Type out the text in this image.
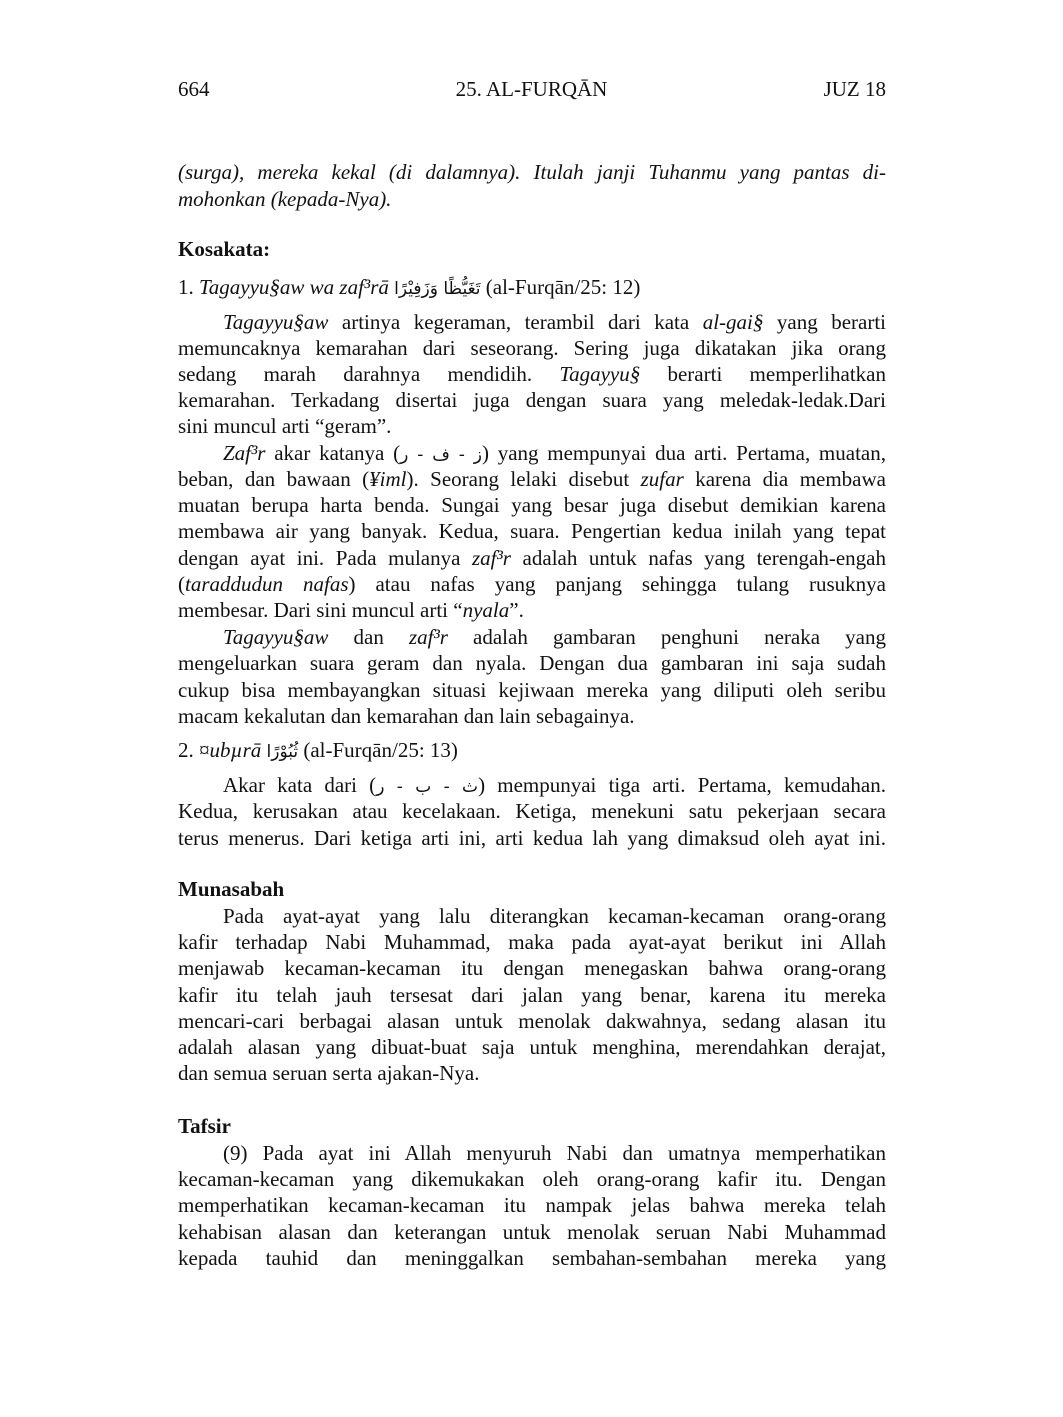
664	25. AL-FURQĀN	JUZ 18
(surga), mereka kekal (di dalamnya). Itulah janji Tuhanmu yang pantas di-
mohonkan (kepada-Nya).
Kosakata:
1. Tagayyu§aw wa zaf³rā تَغَيُّظًا وَزَفِيْرًا (al-Furqān/25: 12)
Tagayyu§aw artinya kegeraman, terambil dari kata al-gai§ yang berarti
memuncaknya kemarahan dari seseorang. Sering juga dikatakan jika orang
sedang marah darahnya mendidih. Tagayyu§ berarti memperlihatkan
kemarahan. Terkadang disertai juga dengan suara yang meledak-ledak.Dari
sini muncul arti “geram”.
Zaf³r akar katanya (ز - ف - ر) yang mempunyai dua arti. Pertama, muatan,
beban, dan bawaan (¥iml). Seorang lelaki disebut zufar karena dia membawa
muatan berupa harta benda. Sungai yang besar juga disebut demikian karena
membawa air yang banyak. Kedua, suara. Pengertian kedua inilah yang tepat
dengan ayat ini. Pada mulanya zaf³r adalah untuk nafas yang terengah-engah
(taraddudun nafas) atau nafas yang panjang sehingga tulang rusuknya
membesar. Dari sini muncul arti “nyala”.
Tagayyu§aw dan zaf³r adalah gambaran penghuni neraka yang
mengeluarkan suara geram dan nyala. Dengan dua gambaran ini saja sudah
cukup bisa membayangkan situasi kejiwaan mereka yang diliputi oleh seribu
macam kekalutan dan kemarahan dan lain sebagainya.
2. ¤ubµrā ثُبُوْرًا (al-Furqān/25: 13)
Akar kata dari (ث - ب - ر) mempunyai tiga arti. Pertama, kemudahan.
Kedua, kerusakan atau kecelakaan. Ketiga, menekuni satu pekerjaan secara
terus menerus. Dari ketiga arti ini, arti kedua lah yang dimaksud oleh ayat ini.
Munasabah
Pada ayat-ayat yang lalu diterangkan kecaman-kecaman orang-orang
kafir terhadap Nabi Muhammad, maka pada ayat-ayat berikut ini Allah
menjawab kecaman-kecaman itu dengan menegaskan bahwa orang-orang
kafir itu telah jauh tersesat dari jalan yang benar, karena itu mereka
mencari-cari berbagai alasan untuk menolak dakwahnya, sedang alasan itu
adalah alasan yang dibuat-buat saja untuk menghina, merendahkan derajat,
dan semua seruan serta ajakan-Nya.
Tafsir
(9) Pada ayat ini Allah menyuruh Nabi dan umatnya memperhatikan
kecaman-kecaman yang dikemukakan oleh orang-orang kafir itu. Dengan
memperhatikan kecaman-kecaman itu nampak jelas bahwa mereka telah
kehabisan alasan dan keterangan untuk menolak seruan Nabi Muhammad
kepada tauhid dan meninggalkan sembahan-sembahan mereka yang
